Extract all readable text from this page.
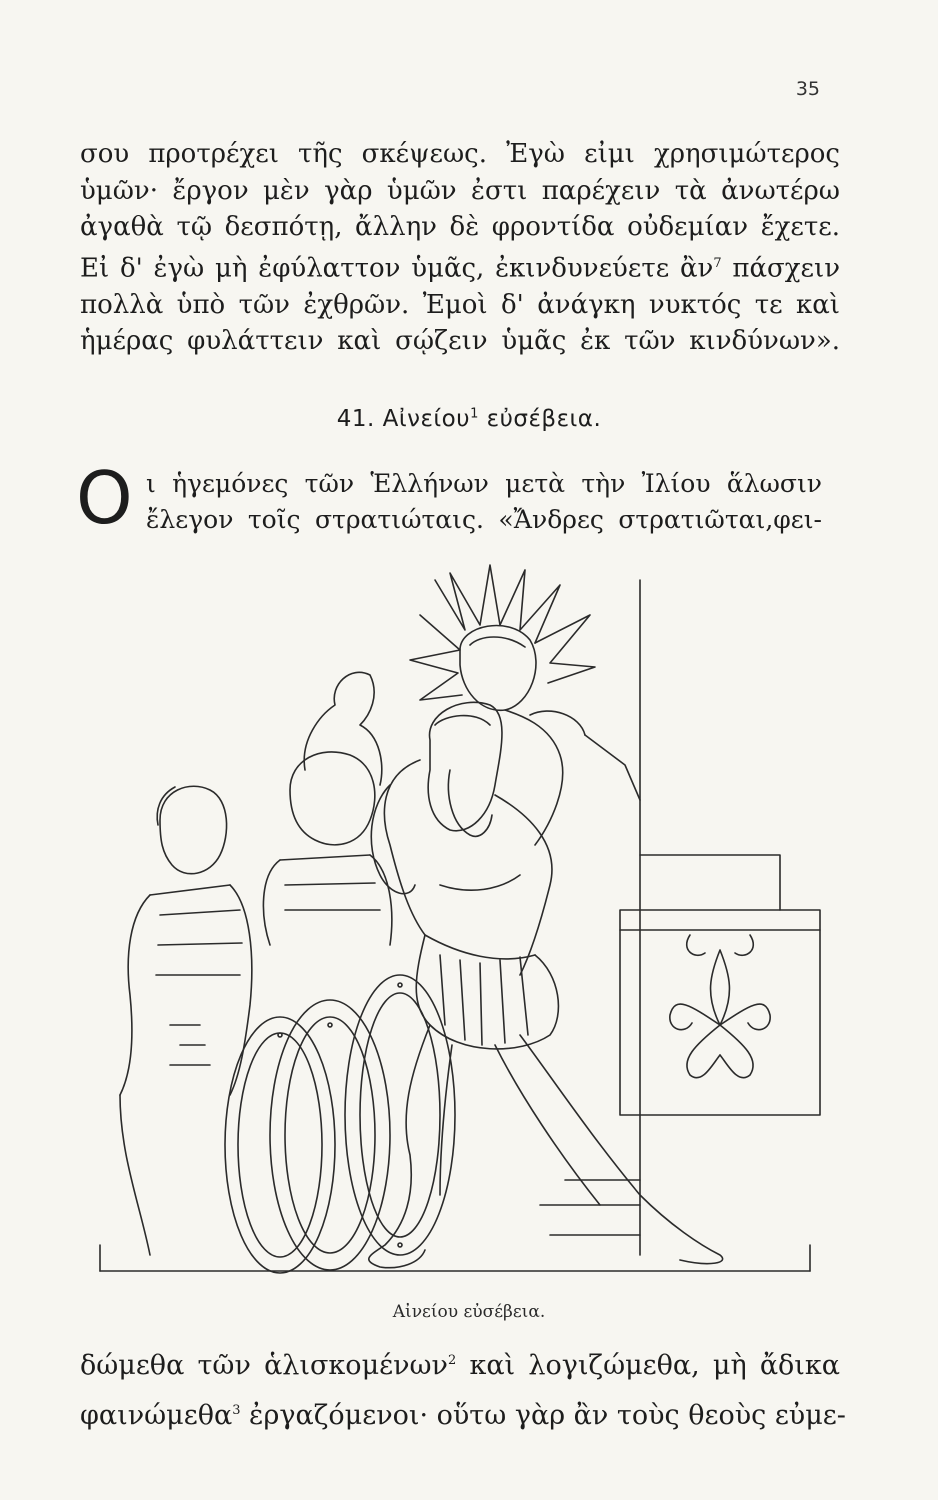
35
σου προτρέχει τῆς σκέψεως. Ἐγὼ εἰμι χρησιμώτερος
ὑμῶν· ἔργον μὲν γὰρ ὑμῶν ἐστι παρέχειν τὰ ἀνωτέρω
ἀγαθὰ τῷ δεσπότῃ, ἄλλην δὲ φροντίδα οὐδεμίαν ἔχετε.
Εἰ δ' ἐγὼ μὴ ἐφύλαττον ὑμᾶς, ἐκινδυνεύετε ἂν$^7$ πάσχειν
πολλὰ ὑπὸ τῶν ἐχθρῶν. Ἐμοὶ δ' ἀνάγκη νυκτός τε καὶ
ἡμέρας φυλάττειν καὶ σῴζειν ὑμᾶς ἐκ τῶν κινδύνων».
41. Αἰνείου$^1$ εὐσέβεια.
Ο ι ἡγεμόνες τῶν Ἑλλήνων μετὰ τὴν Ἰλίου ἅλωσιν
ἔλεγον τοῖς στρατιώταις. «Ἄνδρες στρατιῶται,φει-
Αἰνείου εὐσέβεια.
δώμεθα τῶν ἁλισκομένων$^2$ καὶ λογιζώμεθα, μὴ ἄδικα
φαινώμεθα$^3$ ἐργαζόμενοι· οὕτω γὰρ ἂν τοὺς θεοὺς εὐμε-
